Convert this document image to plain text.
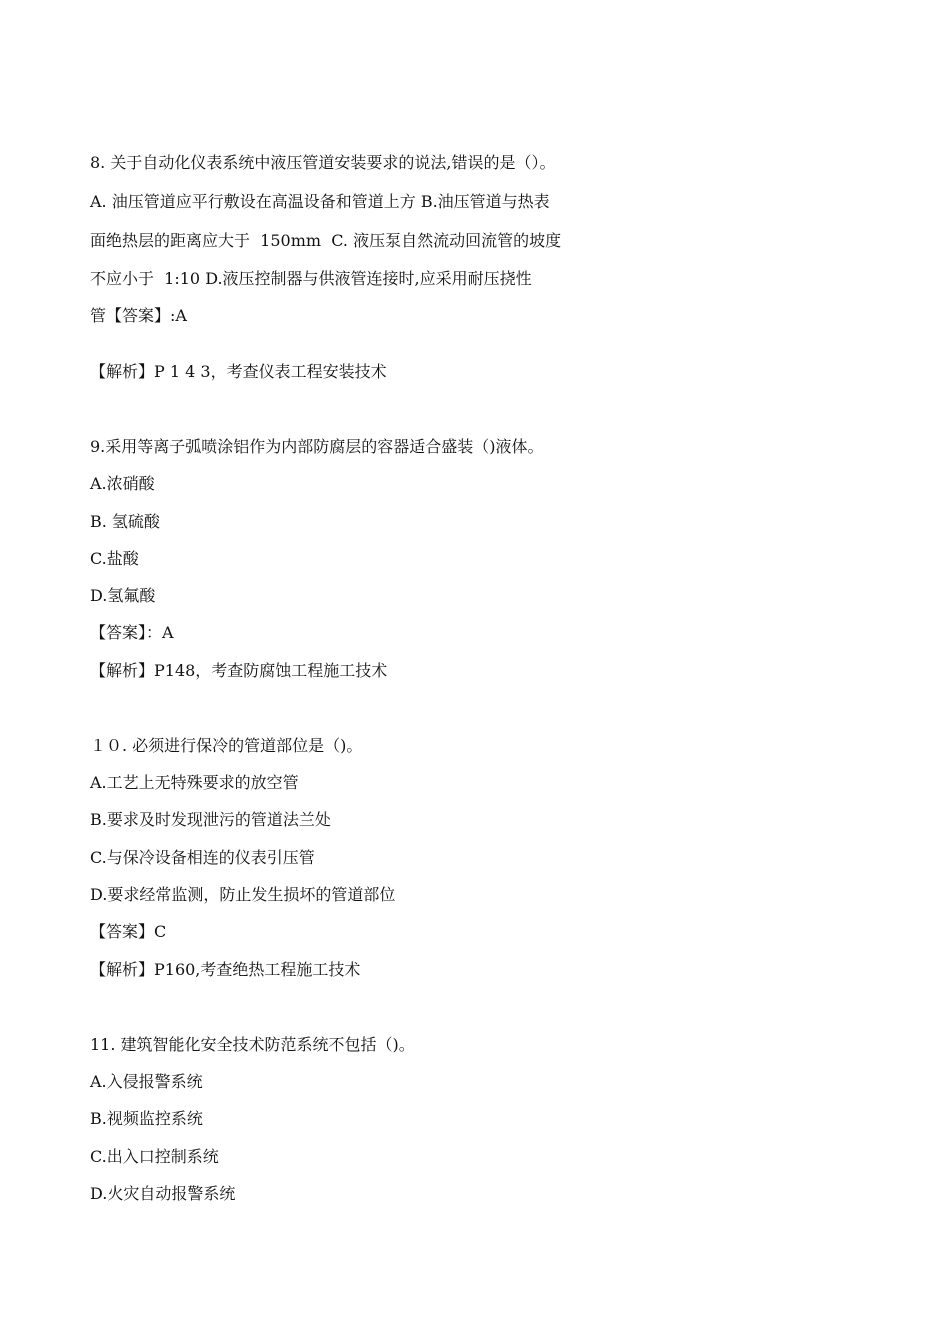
8. 关于自动化仪表系统中液压管道安装要求的说法,错误的是（）。
A. 油压管道应平行敷设在高温设备和管道上方 B.油压管道与热表
面绝热层的距离应大于  150mm  C. 液压泵自然流动回流管的坡度
不应小于  1:10 D.液压控制器与供液管连接时,应采用耐压挠性
管【答案】:A
【解析】P 1 4 3，考查仪表工程安装技术
9.采用等离子弧喷涂铝作为内部防腐层的容器适合盛装（)液体。
A.浓硝酸
B. 氢硫酸
C.盐酸
D.氢氟酸
【答案】：A
【解析】P148，考查防腐蚀工程施工技术
１０. 必须进行保冷的管道部位是（)。
A.工艺上无特殊要求的放空管
B.要求及时发现泄污的管道法兰处
C.与保冷设备相连的仪表引压管
D.要求经常监测，防止发生损坏的管道部位
【答案】C
【解析】P160,考查绝热工程施工技术
11. 建筑智能化安全技术防范系统不包括（)。
A.入侵报警系统
B.视频监控系统
C.出入口控制系统
D.火灾自动报警系统
